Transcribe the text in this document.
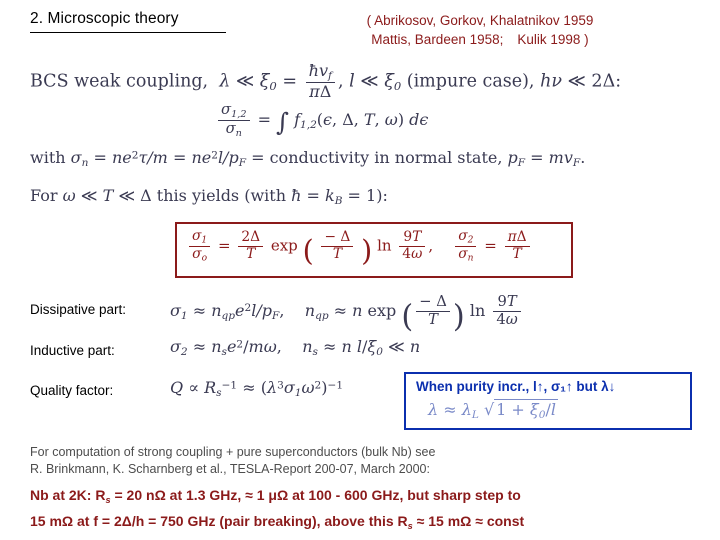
2. Microscopic theory	( Abrikosov, Gorkov, Khalatnikov 1959
Mattis, Bardeen 1958; Kulik 1998 )
BCS weak coupling,  λ ≪ $\xi_0 = \frac{ħv_f}{\pi\Delta}$ , l ≪ $\xi_0$ (impure case), hν ≪ 2Δ:
$\frac{\sigma_{1,2}}{\sigma_n}$ = ∫ $f_{1,2}(\epsilon$, Δ, T, ω) dϵ
with $\sigma_n = ne^2\tau/m = ne^2l/p_F$ = conductivity in normal state, $p_F = mv_F$.
For ω ≪ T ≪ Δ this yields (with ħ = $k_B = 1$):
$\frac{\sigma_1}{\sigma_o} = \frac{2\Delta}{T}$ exp ( $\frac{- \Delta}{T}$ ) $\ln \frac{9T}{4\omega}$ , $\frac{\sigma_2}{\sigma_n} = \frac{\pi\Delta}{T}$
Dissipative part:	$\sigma_1 \approx n_{qp}e^2l/p_F$,    $n_{qp} \approx n$ exp ( $\frac{- \Delta}{T}$ ) $\ln \frac{9T}{4\omega}$
Inductive part:	$\sigma_2 \approx n_se^2/m\omega$,    $n_s \approx n$ $l/\xi_0$ ≪ n
Quality factor:	$Q \propto R_s^{-1} \approx (\lambda^3\sigma_1\omega^2)^{-1}$	When purity incr., l↑, σ₁↑ but λ↓
$\lambda \approx \lambda_L$ √ $1 + \xi_0/l$
For computation of strong coupling + pure superconductors (bulk Nb) see
R. Brinkmann, K. Scharnberg et al., TESLA-Report 200-07, March 2000:
Nb at 2K: $R_s = 20$ nΩ at 1.3 GHz, ≈ 1 μΩ at 100 - 600 GHz, but sharp step to
15 mΩ at f = 2Δ/h = 750 GHz (pair breaking), above this $R_s \approx 15$ mΩ ≈ const
